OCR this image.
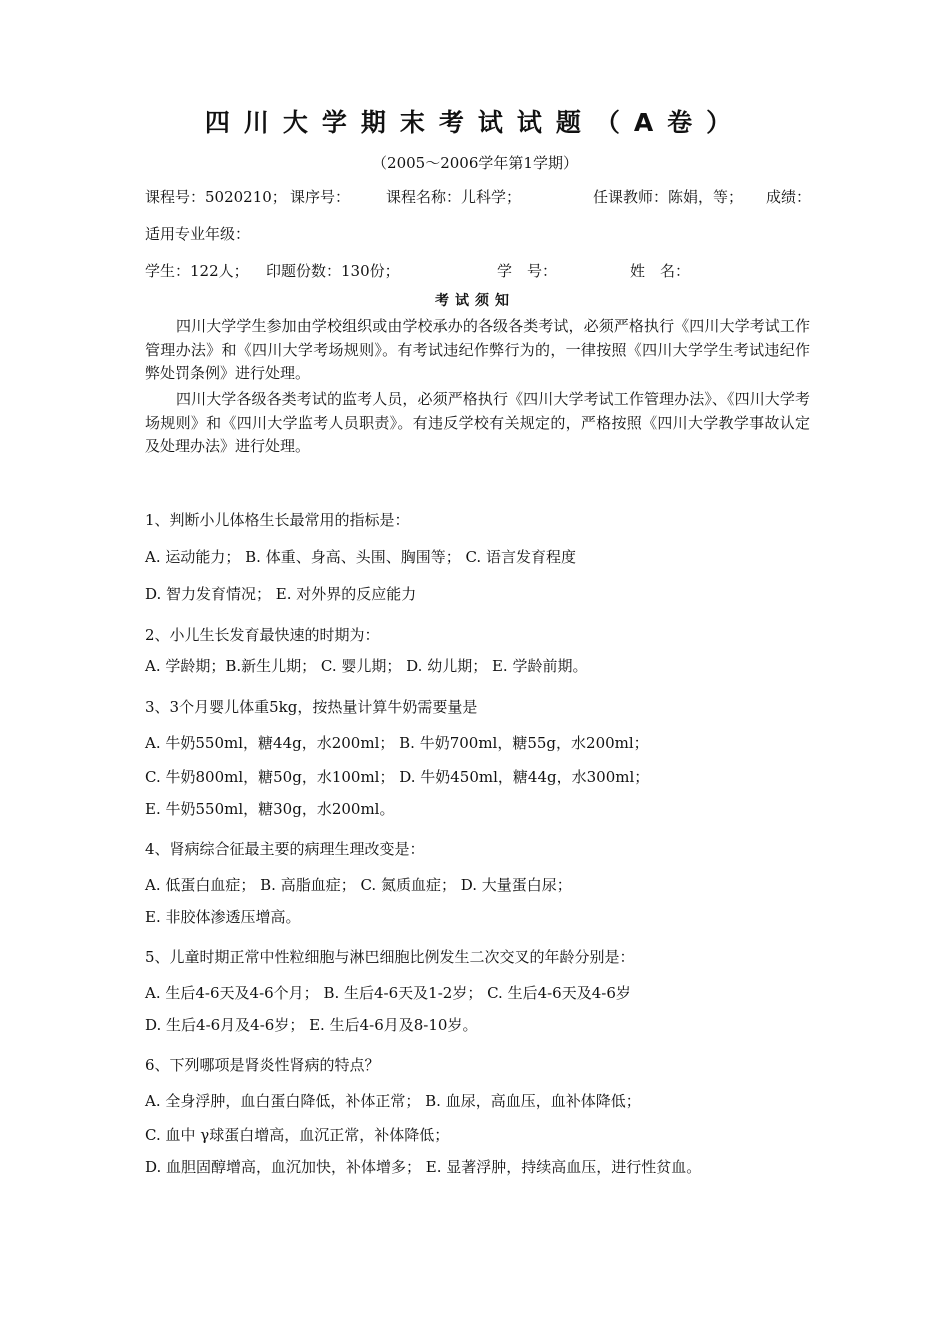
四川大学期末考试试题（A卷）
（2005～2006学年第1学期）
课程号：5020210； 课序号： 课程名称：儿科学；	任课教师：陈娟，等； 成绩：
适用专业年级：
学生：122人； 印题份数：130份；	学　号：	姓　名：
考试须知
四川大学学生参加由学校组织或由学校承办的各级各类考试，必须严格执行《四川大学考试工作管理办法》和《四川大学考场规则》。有考试违纪作弊行为的，一律按照《四川大学学生考试违纪作弊处罚条例》进行处理。
四川大学各级各类考试的监考人员，必须严格执行《四川大学考试工作管理办法》、《四川大学考场规则》和《四川大学监考人员职责》。有违反学校有关规定的，严格按照《四川大学教学事故认定及处理办法》进行处理。
1、判断小儿体格生长最常用的指标是：
A. 运动能力； B. 体重、身高、头围、胸围等； C. 语言发育程度
D. 智力发育情况； E. 对外界的反应能力
2、小儿生长发育最快速的时期为：
A. 学龄期；B.新生儿期； C. 婴儿期； D. 幼儿期； E. 学龄前期。
3、3个月婴儿体重5kg，按热量计算牛奶需要量是
A. 牛奶550ml，糖44g，水200ml； B. 牛奶700ml，糖55g，水200ml；
C. 牛奶800ml，糖50g，水100ml； D. 牛奶450ml，糖44g，水300ml；
E. 牛奶550ml，糖30g，水200ml。
4、肾病综合征最主要的病理生理改变是：
A. 低蛋白血症； B. 高脂血症； C. 氮质血症； D. 大量蛋白尿；
E. 非胶体渗透压增高。
5、儿童时期正常中性粒细胞与淋巴细胞比例发生二次交叉的年龄分别是：
A. 生后4-6天及4-6个月； B. 生后4-6天及1-2岁； C. 生后4-6天及4-6岁
D. 生后4-6月及4-6岁； E. 生后4-6月及8-10岁。
6、下列哪项是肾炎性肾病的特点？
A. 全身浮肿，血白蛋白降低，补体正常； B. 血尿，高血压，血补体降低；
C. 血中 γ球蛋白增高，血沉正常，补体降低；
D. 血胆固醇增高，血沉加快，补体增多； E. 显著浮肿，持续高血压，进行性贫血。
